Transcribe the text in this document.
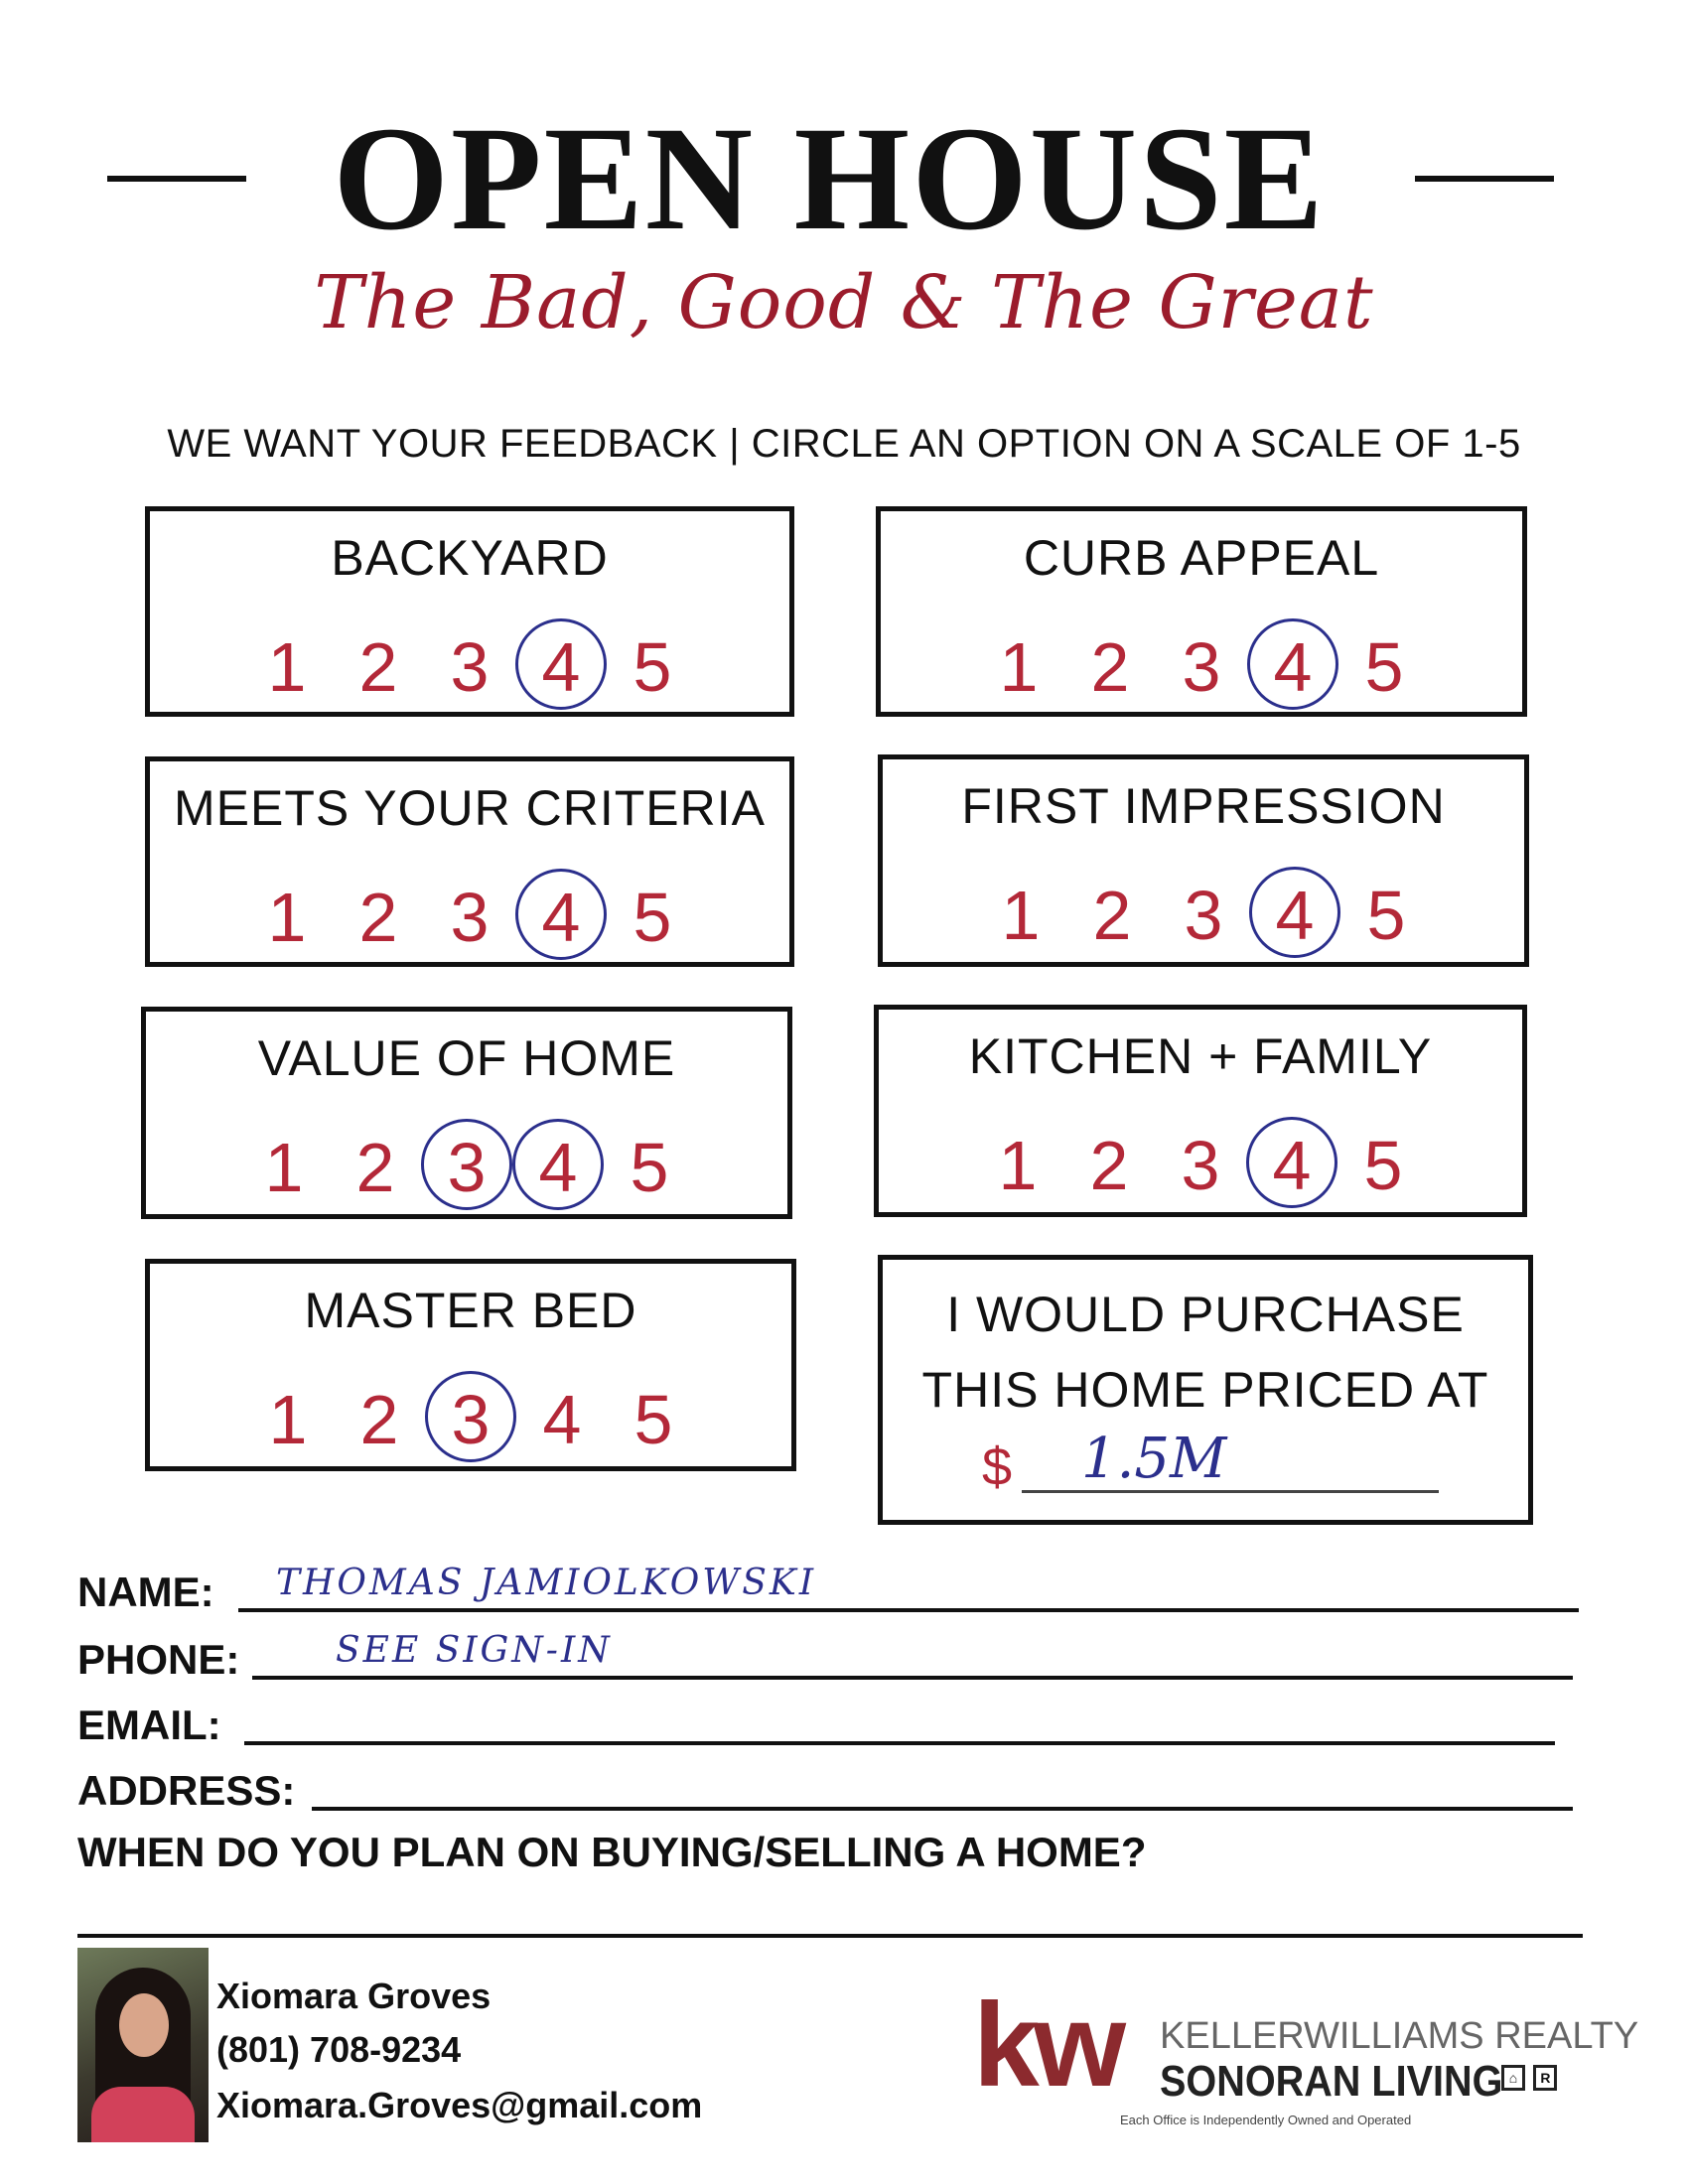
OPEN HOUSE
The Bad, Good & The Great
WE WANT YOUR FEEDBACK | CIRCLE AN OPTION ON A SCALE OF 1-5
BACKYARD
1 2 3 4 5
CURB APPEAL
1 2 3 4 5
MEETS YOUR CRITERIA
1 2 3 4 5
FIRST IMPRESSION
1 2 3 4 5
VALUE OF HOME
1 2 3 4 5
KITCHEN + FAMILY
1 2 3 4 5
MASTER BED
1 2 3 4 5
I WOULD PURCHASE
THIS HOME PRICED AT
$ 1.5M
NAME: THOMAS JAMIOLKOWSKI
PHONE:	SEE SIGN-IN
EMAIL:
ADDRESS:
WHEN DO YOU PLAN ON BUYING/SELLING A HOME?
Xiomara Groves
(801) 708-9234
Xiomara.Groves@gmail.com kw KELLERWILLIAMS REALTY
SONORAN LIVING ⌂ R
Each Office is Independently Owned and Operated
